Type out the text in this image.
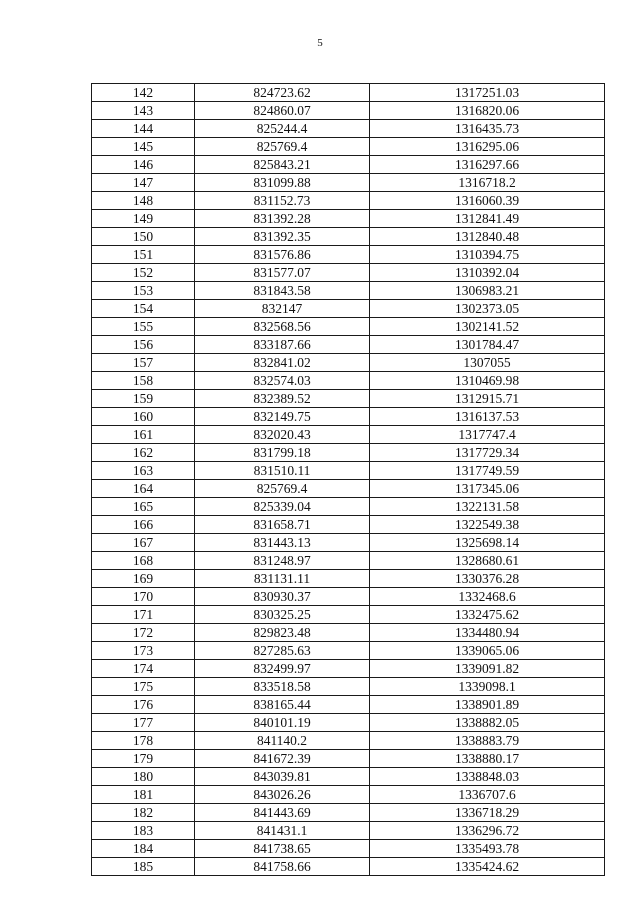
5
142	824723.62	1317251.03
143	824860.07	1316820.06
144	825244.4	1316435.73
145	825769.4	1316295.06
146	825843.21	1316297.66
147	831099.88	1316718.2
148	831152.73	1316060.39
149	831392.28	1312841.49
150	831392.35	1312840.48
151	831576.86	1310394.75
152	831577.07	1310392.04
153	831843.58	1306983.21
154	832147	1302373.05
155	832568.56	1302141.52
156	833187.66	1301784.47
157	832841.02	1307055
158	832574.03	1310469.98
159	832389.52	1312915.71
160	832149.75	1316137.53
161	832020.43	1317747.4
162	831799.18	1317729.34
163	831510.11	1317749.59
164	825769.4	1317345.06
165	825339.04	1322131.58
166	831658.71	1322549.38
167	831443.13	1325698.14
168	831248.97	1328680.61
169	831131.11	1330376.28
170	830930.37	1332468.6
171	830325.25	1332475.62
172	829823.48	1334480.94
173	827285.63	1339065.06
174	832499.97	1339091.82
175	833518.58	1339098.1
176	838165.44	1338901.89
177	840101.19	1338882.05
178	841140.2	1338883.79
179	841672.39	1338880.17
180	843039.81	1338848.03
181	843026.26	1336707.6
182	841443.69	1336718.29
183	841431.1	1336296.72
184	841738.65	1335493.78
185	841758.66	1335424.62
